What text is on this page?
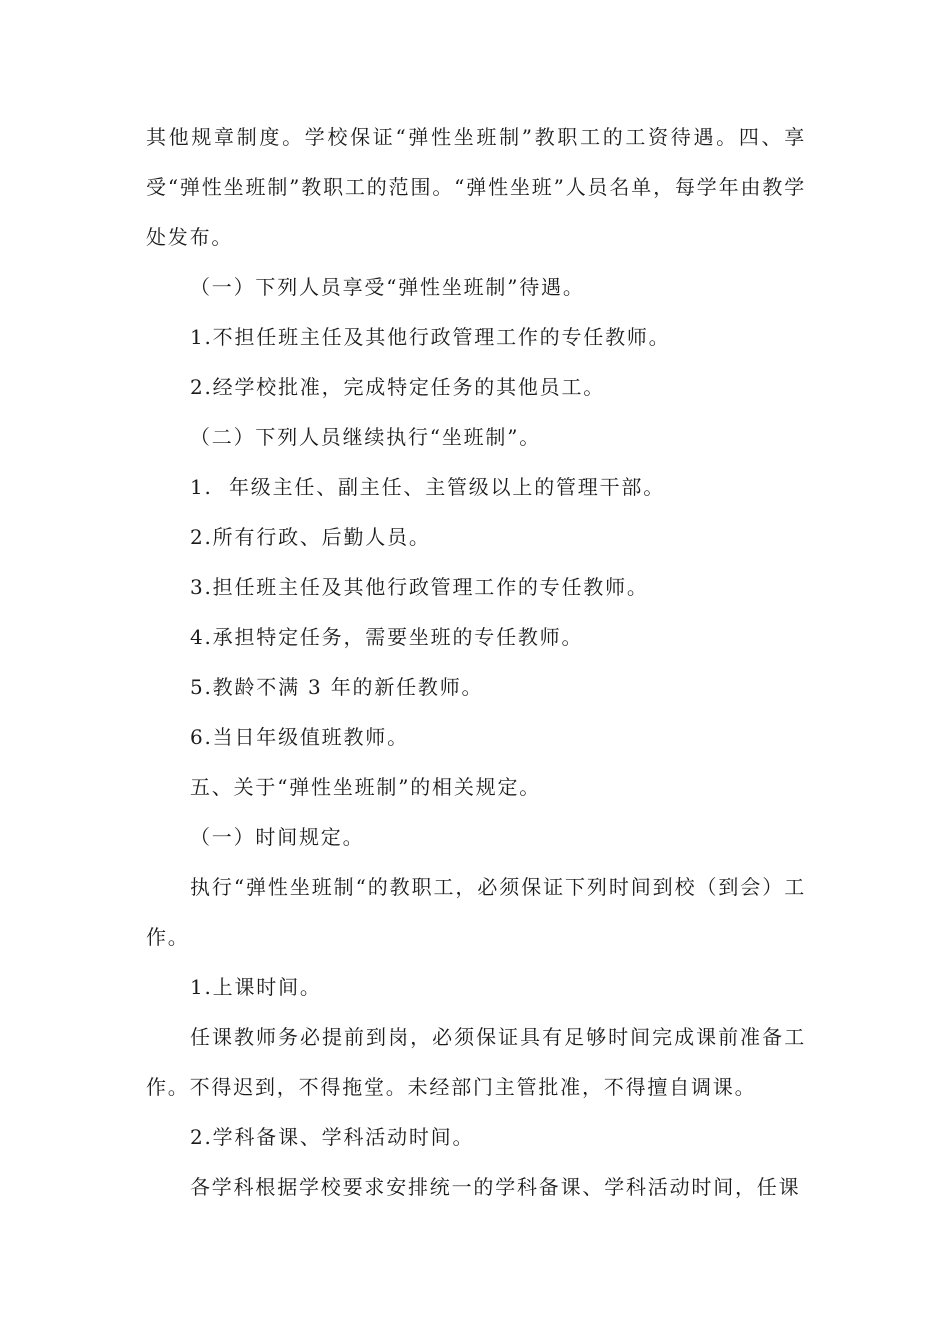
其他规章制度。学校保证“弹性坐班制”教职工的工资待遇。四、享受“弹性坐班制”教职工的范围。“弹性坐班”人员名单，每学年由教学处发布。

（一）下列人员享受“弹性坐班制”待遇。

1.不担任班主任及其他行政管理工作的专任教师。

2.经学校批准，完成特定任务的其他员工。

（二）下列人员继续执行“坐班制”。

1.  年级主任、副主任、主管级以上的管理干部。

2.所有行政、后勤人员。

3.担任班主任及其他行政管理工作的专任教师。

4.承担特定任务，需要坐班的专任教师。

5.教龄不满 3 年的新任教师。

6.当日年级值班教师。

五、关于“弹性坐班制”的相关规定。

（一）时间规定。

执行“弹性坐班制“的教职工，必须保证下列时间到校（到会）工作。

1.上课时间。

任课教师务必提前到岗，必须保证具有足够时间完成课前准备工作。不得迟到，不得拖堂。未经部门主管批准，不得擅自调课。

2.学科备课、学科活动时间。

各学科根据学校要求安排统一的学科备课、学科活动时间，任课
